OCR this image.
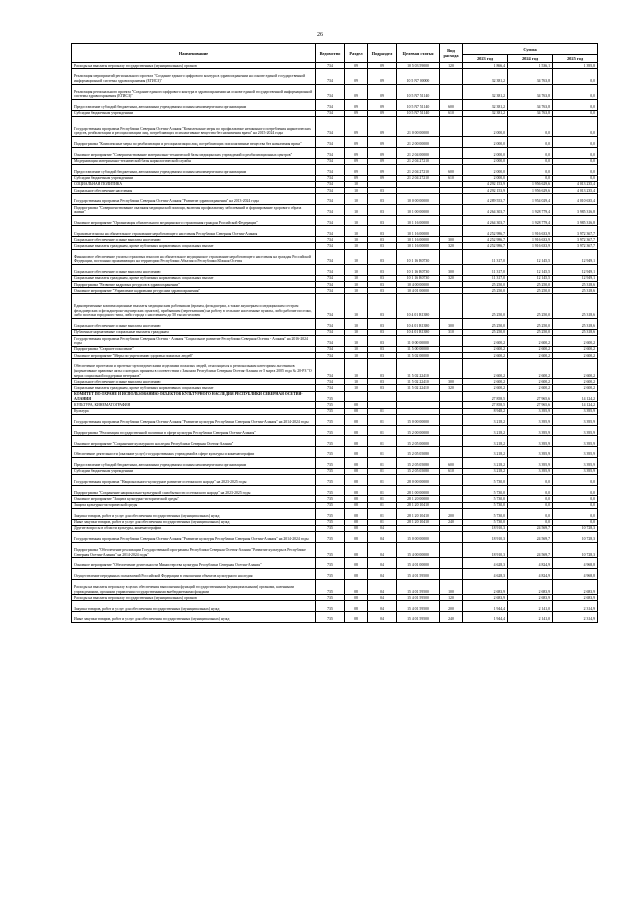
26
Наименование	Ведомство	Раздел	Подраздел	Целевая статья	Вид расхода	Сумма		
						2023 год	2024 год	2025 год
Расходы на выплаты персоналу государственных (муниципальных) органов	734	09	09	10 5 03 59000	120	1 866,4	1 536,1	1 395,8
Реализация мероприятий регионального проекта "Создание единого цифрового контура в здравоохранении на основе единой государственной информационной системы здравоохранения (ЕГИСЗ)"	734	09	09	10 5 N7 00000		32 381,2	34 763,8	0,0
Реализация регионального проекта "Создание единого цифрового контура в здравоохранении на основе единой государственной информационной системы здравоохранения (ЕГИСЗ)"	734	09	09	10 5 N7 51140		32 381,2	34 763,8	0,0
Предоставление субсидий бюджетным, автономным учреждениям и иным некоммерческим организациям	734	09	09	10 5 N7 51140	600	32 381,2	34 763,8	0,0
Субсидии бюджетным учреждениям	734	09	09	10 5 N7 51140	610	32 381,2	34 763,8	0,0
Государственная программа Республики Северная Осетия-Алания "Комплексные меры по профилактике незаконного потребления наркотических средств, реабилитации и ресоциализации лиц, потребляющих психоактивные вещества без назначения врача" на 2015-2024 годы	734	09	09	21 0 00 00000		2 000,0	0,0	0,0
Подпрограмма "Комплексные меры по реабилитации и ресоциализации лиц, потребляющих психоактивные вещества без назначения врача"	734	09	09	21 2 00 00000		2 000,0	0,0	0,0
Основное мероприятие "Совершенствование материально-технической базы медицинских учреждений и реабилитационных центров"	734	09	09	21 2 04 00000		2 000,0	0,0	0,0
Модернизация материально-технической базы наркологической службы	734	09	09	21 2 04 27210		2 000,0	0,0	0,0
Предоставление субсидий бюджетным, автономным учреждениям и иным некоммерческим организациям	734	09	09	21 2 04 27210	600	2 000,0	0,0	0,0
Субсидии бюджетным учреждениям	734	09	09	21 2 04 27210	610	2 000,0	0,0	0,0
СОЦИАЛЬНАЯ ПОЛИТИКА	734	10				4 292 153,9	1 956 629,6	4 013 235,4
Социальное обеспечение населения	734	10	03			4 292 153,9	1 956 629,6	4 013 235,4
Государственная программа Республики Северная Осетия-Алания "Развитие здравоохранения" на 2013-2024 годы	734	10	03	10 0 00 00000		4 289 553,7	1 954 029,4	4 010 635,4
Подпрограмма "Совершенствование оказания медицинской помощи, включая профилактику заболеваний и формирование здорового образа жизни"	734	10	03	10 1 00 00000		4 264 303,7	1 928 779,4	3 985 316,8
Основное мероприятие "Организация обязательного медицинского страхования граждан Российской Федерации"	734	10	03	10 1 16 00000		4 264 303,7	1 928 779,4	3 985 316,8
Страховые взносы на обязательное страхование неработающего населения Республики Северная Осетия-Алания	734	10	03	10 1 16 00000		4 252 986,7	1 916 633,9	3 972 367,7
Социальное обеспечение и иные выплаты населению	734	10	03	10 1 16 00000	300	4 252 986,7	1 916 633,9	3 972 367,7
Социальные выплаты гражданам, кроме публичных нормативных социальных выплат	734	10	03	10 1 16 00000	320	4 252 986,7	1 916 633,9	3 972 367,7
Финансовое обеспечение уплаты страховых взносов на обязательное медицинское страхование неработающего населения на граждан Российской Федерации, постоянно проживающих на территории Республики Абхазия и Республики Южная Осетия	734	10	03	10 1 16 R0730		11 317,0	12 145,5	12 949,1
Социальное обеспечение и иные выплаты населению	734	10	03	10 1 16 R0730	300	11 317,0	12 145,5	12 949,1
Социальные выплаты гражданам, кроме публичных нормативных социальных выплат	734	10	03	10 1 16 R0730	320	11 317,0	12 145,5	12 949,1
Подпрограмма "Развитие кадровых ресурсов в здравоохранении"	734	10	03	10 4 00 00000		25 250,0	25 250,0	25 318,6
Основное мероприятие "Управление кадровыми ресурсами здравоохранения"	734	10	03	10 4 01 00000		25 250,0	25 250,0	25 318,6
Единовременные компенсационные выплаты медицинским работникам (врачам, фельдшерам, а также акушеркам и медицинским сестрам фельдшерских и фельдшерско-акушерских пунктов), прибывшим (переехавшим) на работу в сельские населенные пункты, либо рабочие поселки, либо поселки городского типа, либо города с населением до 50 тысяч человек	734	10	03	10 4 01 R1380		25 250,0	25 250,0	25 318,6
Социальное обеспечение и иные выплаты населению	734	10	03	10 4 01 R1380	300	25 250,0	25 250,0	25 318,6
Публичные нормативные социальные выплаты гражданам	734	10	03	10 4 01 R1380	310	25 250,0	25 250,0	25 318,6
Государственная программа Республики Северная Осетия - Алания "Социальное развитие Республики Северная Осетия - Алания" на 2016-2024 годы	734	10	03	11 0 00 00000		2 600,2	2 600,2	2 600,2
Подпрограмма "Старшее поколение"	734	10	03	11 5 00 00000		2 600,2	2 600,2	2 600,2
Основное мероприятие "Меры по укреплению здоровья пожилых людей"	734	10	03	11 5 02 00000		2 600,2	2 600,2	2 600,2
Обеспечение протезами и протезно-ортопедическими изделиями пожилых людей, относящихся к региональным категориям льготников (нормативные правовые акты о которых приняты в соответствии с Законом Республики Северная Осетия-Алания от 5 марта 2005 года № 20-РЗ "О мерах социальной поддержки ветеранов"	734	10	03	11 5 02 22410		2 600,2	2 600,2	2 600,2
Социальное обеспечение и иные выплаты населению	734	10	03	11 5 02 22410	300	2 600,2	2 600,2	2 600,2
Социальные выплаты гражданам, кроме публичных нормативных социальных выплат	734	10	03	11 5 02 22410	320	2 600,2	2 600,2	2 600,2
КОМИТЕТ ПО ОХРАНЕ И ИСПОЛЬЗОВАНИЮ ОБЪЕКТОВ КУЛЬТУРНОГО НАСЛЕДИЯ РЕСПУБЛИКИ СЕВЕРНАЯ ОСЕТИЯ-АЛАНИЯ	735					27 858,5	27 965,6	14 124,2
КУЛЬТУРА, КИНЕМАТОГРАФИЯ	735	08				27 858,5	27 965,6	14 124,2
Культура	735	08	01			8 948,2	3 395,9	3 395,9
Государственная программа Республики Северная Осетия-Алания "Развитие культуры Республики Северная Осетия-Алания" на 2014-2024 годы	735	08	01	15 0 00 00000		3 218,2	3 395,9	3 395,9
Подпрограмма "Реализация государственной политики в сфере культуры Республики Северная Осетия-Алания"	735	08	01	15 2 00 00000		3 218,2	3 395,9	3 395,9
Основное мероприятие "Сохранение культурного наследия Республики Северная Осетия-Алания"	735	08	01	15 2 05 00000		3 218,2	3 395,9	3 395,9
Обеспечение деятельности (оказание услуг) государственных учреждений в сфере культуры и кинематографии	735	08	01	15 2 05 05080		3 218,2	3 395,9	3 395,9
Предоставление субсидий бюджетным, автономным учреждениям и иным некоммерческим организациям	735	08	01	15 2 05 05080	600	3 218,2	3 395,9	3 395,9
Субсидии бюджетным учреждениям	735	08	01	15 2 05 05080	610	3 218,2	3 395,9	3 395,9
Государственная программа "Национального-культурное развитие осетинского народа" на 2023-2025 годы	735	08	01	28 0 00 00000		5 730,0	0,0	0,0
Подпрограмма "Сохранение национально-культурной самобытности осетинского народа" на 2023-2025 годы	735	08	01	28 1 00 00000		5 730,0	0,0	0,0
Основное мероприятие "Защита культурно-исторической среды"	735	08	01	28 1 20 00000		5 730,0	0,0	0,0
Защита культурно-исторической среды	735	08	01	28 1 20 10410		5 730,0	0,0	0,0
Закупка товаров, работ и услуг для обеспечения государственных (муниципальных) нужд	735	08	01	28 1 20 10410	200	5 730,0	0,0	0,0
Иные закупки товаров, работ и услуг для обеспечения государственных (муниципальных) нужд	735	08	01	28 1 20 10410	240	5 730,0	0,0	0,0
Другие вопросы в области культуры, кинематографии	735	08	04			18 910,3	24 569,7	10 728,3
Государственная программа Республики Северная Осетия-Алания "Развитие культуры Республики Северная Осетия-Алания" на 2014-2024 годы	735	08	04	15 0 00 00000		18 910,3	24 569,7	10 728,3
Подпрограмма "Обеспечение реализации Государственной программы Республики Северная Осетия-Алания "Развитие культуры в Республике Северная Осетия-Алания" на 2014-2024 годы"	735	08	04	15 4 00 00000		18 910,3	24 569,7	10 728,3
Основное мероприятие "Обеспечение деятельности Министерства культуры Республики Северная Осетия-Алания"	735	08	04	15 4 01 00000		4 628,3	4 824,9	4 968,8
Осуществление переданных полномочий Российской Федерации в отношении объектов культурного наследия	735	08	04	15 4 01 59500		4 628,3	4 824,9	4 968,8
Расходы на выплаты персоналу в целях обеспечения выполнения функций государственными (муниципальными) органами, казенными учреждениями, органами управления государственными внебюджетными фондами	735	08	04	15 4 01 59500	100	2 683,9	2 683,9	2 683,9
Расходы на выплаты персоналу государственных (муниципальных) органов	735	08	04	15 4 01 59500	120	2 683,9	2 683,9	2 683,9
Закупка товаров, работ и услуг для обеспечения государственных (муниципальных) нужд	735	08	04	15 4 01 59500	200	1 944,4	2 141,0	2 314,9
Иные закупки товаров, работ и услуг для обеспечения государственных (муниципальных) нужд	735	08	04	15 4 01 59500	240	1 944,4	2 141,0	2 314,9
